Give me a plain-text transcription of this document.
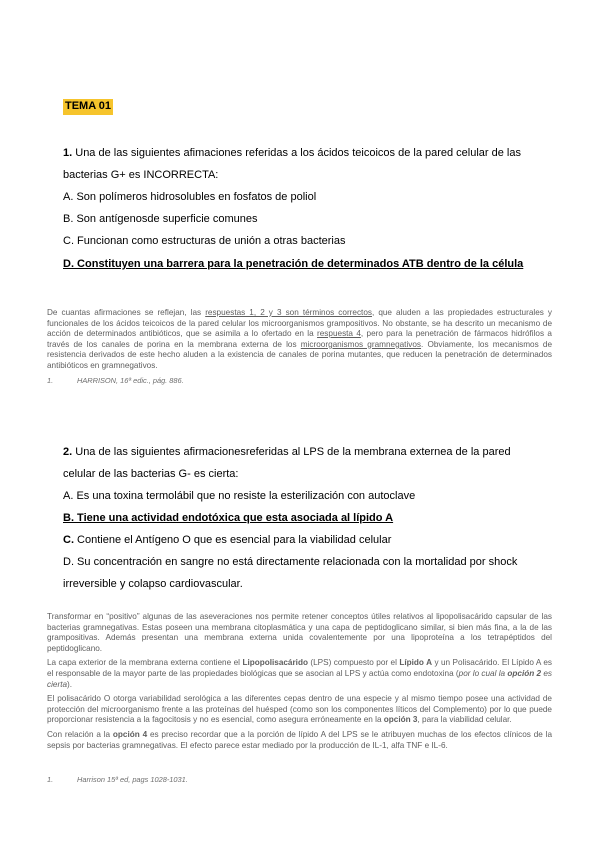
TEMA 01
1. Una de las siguientes afimaciones referidas a los ácidos teicoicos de la pared celular de las
bacterias G+ es INCORRECTA:
A. Son polímeros hidrosolubles en fosfatos de poliol
B. Son antígenosde superficie comunes
C. Funcionan como estructuras de unión a otras bacterias
D. Constituyen una barrera para la penetración de determinados ATB dentro de la célula

De cuantas afirmaciones se reflejan, las respuestas 1, 2 y 3 son términos correctos, que aluden a las propiedades estructurales y funcionales de los ácidos teicoicos de la pared celular los microorganismos grampositivos. No obstante, se ha descrito un mecanismo de acción de determinados antibióticos, que se asimila a lo ofertado en la respuesta 4, pero para la penetración de fármacos hidrófilos a través de los canales de porina en la membrana externa de los microorganismos gramnegativos. Obviamente, los mecanismos de resistencia derivados de este hecho aluden a la existencia de canales de porina mutantes, que reducen la penetración de determinados antibióticos en gramnegativos.

1.	HARRISON, 16ª edic., pág. 886.
2. Una de las siguientes afirmacionesreferidas al LPS de la membrana externea de la pared
celular de las bacterias G- es cierta:
A. Es una toxina termolábil que no resiste la esterilización con autoclave
B. Tiene una actividad endotóxica que esta asociada al lípido A
C. Contiene el Antígeno O que es esencial para la viabilidad celular
D. Su concentración en sangre no está directamente relacionada con la mortalidad por shock
irreversible y colapso cardiovascular.

Transformar en “positivo” algunas de las aseveraciones nos permite retener conceptos útiles relativos al lipopolisacárido capsular de las bacterias gramnegativas. Estas poseen una membrana citoplasmática y una capa de peptidoglicano similar, si bien más fina, a la de las grampositivas. Además presentan una membrana externa unida covalentemente por una lipoproteína a los tetrapéptidos del peptidoglicano.

La capa exterior de la membrana externa contiene el Lipopolisacárido (LPS) compuesto por el Lípido A y un Polisacárido. El Lípido A es el responsable de la mayor parte de las propiedades biológicas que se asocian al LPS y actúa como endotoxina (por lo cual la opción 2 es cierta).

El polisacárido O otorga variabilidad serológica a las diferentes cepas dentro de una especie y al mismo tiempo posee una actividad de protección del microorganismo frente a las proteínas del huésped (como son los componentes líticos del Complemento) por lo que puede proporcionar resistencia a la fagocitosis y no es esencial, como asegura erróneamente en la opción 3, para la viabilidad celular.

Con relación a la opción 4 es preciso recordar que a la porción de lípido A del LPS se le atribuyen muchas de los efectos clínicos de la sepsis por bacterias gramnegativas. El efecto parece estar mediado por la producción de IL-1, alfa TNF e IL-6.

1.	Harrison 15ª ed, pags 1028-1031.
